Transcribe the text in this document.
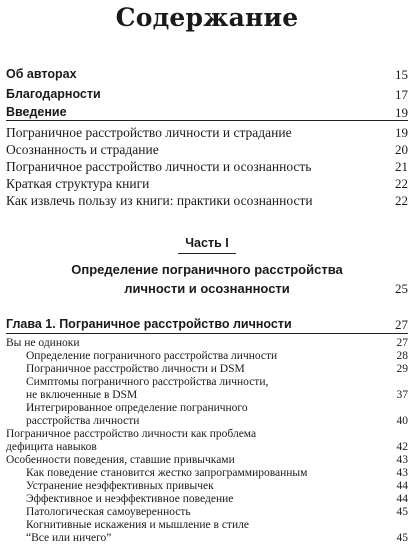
Содержание
Об авторах	15
Благодарности	17
Введение	19
Пограничное расстройство личности и страдание	19
Осознанность и страдание	20
Пограничное расстройство личности и осознанность	21
Краткая структура книги	22
Как извлечь пользу из книги: практики осознанности	22
Часть I
Определение пограничного расстройства
личности и осознанности	25
Глава 1. Пограничное расстройство личности	27
Вы не одиноки	27
Определение пограничного расстройства личности	28
Пограничное расстройство личности и DSM	29
Симптомы пограничного расстройства личности,
не включенные в DSM	37
Интегрированное определение пограничного
расстройства личности	40
Пограничное расстройство личности как проблема
дефицита навыков	42
Особенности поведения, ставшие привычками	43
Как поведение становится жестко запрограммированным	43
Устранение неэффективных привычек	44
Эффективное и неэффективное поведение	44
Патологическая самоуверенность	45
Когнитивные искажения и мышление в стиле
“Все или ничего”	45
